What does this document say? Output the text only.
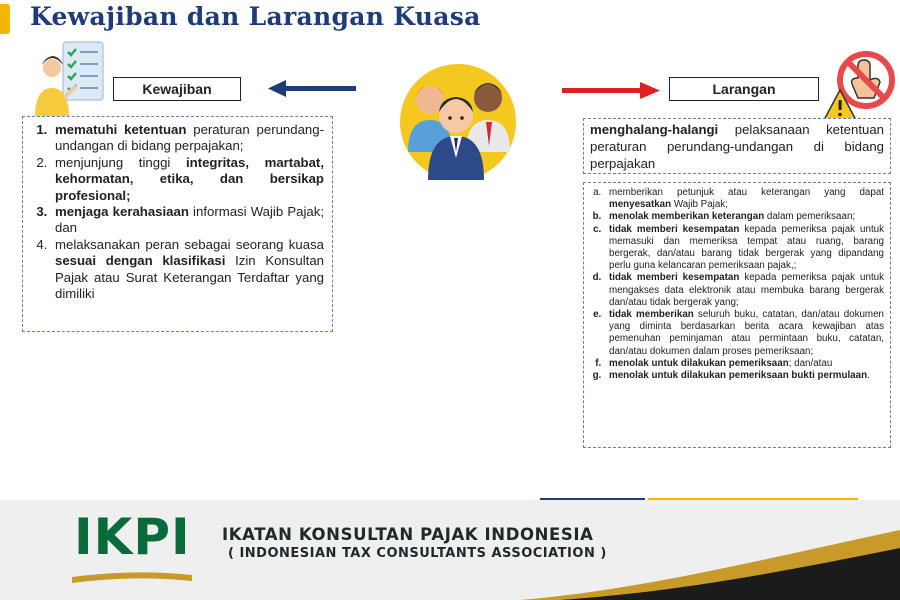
Kewajiban dan Larangan Kuasa
Kewajiban	Larangan
1. mematuhi ketentuan peraturan perundang-undangan di bidang perpajakan;
2. menjunjung tinggi integritas, martabat, kehormatan, etika, dan bersikap profesional;
3. menjaga kerahasiaan informasi Wajib Pajak; dan
4. melaksanakan peran sebagai seorang kuasa sesuai dengan klasifikasi Izin Konsultan Pajak atau Surat Keterangan Terdaftar yang dimiliki
menghalang-halangi pelaksanaan ketentuan peraturan perundang-undangan di bidang perpajakan
a. memberikan petunjuk atau keterangan yang dapat menyesatkan Wajib Pajak;
b. menolak memberikan keterangan dalam pemeriksaan;
c. tidak memberi kesempatan kepada pemeriksa pajak untuk memasuki dan memeriksa tempat atau ruang, barang bergerak, dan/atau barang tidak bergerak yang dipandang perlu guna kelancaran pemeriksaan pajak,;
d. tidak memberi kesempatan kepada pemeriksa pajak untuk mengakses data elektronik atau membuka barang bergerak dan/atau tidak bergerak yang;
e. tidak memberikan seluruh buku, catatan, dan/atau dokumen yang diminta berdasarkan berita acara kewajiban atas pemenuhan peminjaman atau permintaan buku, catatan, dan/atau dokumen dalam proses pemeriksaan;
f. menolak untuk dilakukan pemeriksaan; dan/atau
g. menolak untuk dilakukan pemeriksaan bukti permulaan.
IKPI IKATAN KONSULTAN PAJAK INDONESIA
( INDONESIAN TAX CONSULTANTS ASSOCIATION )
